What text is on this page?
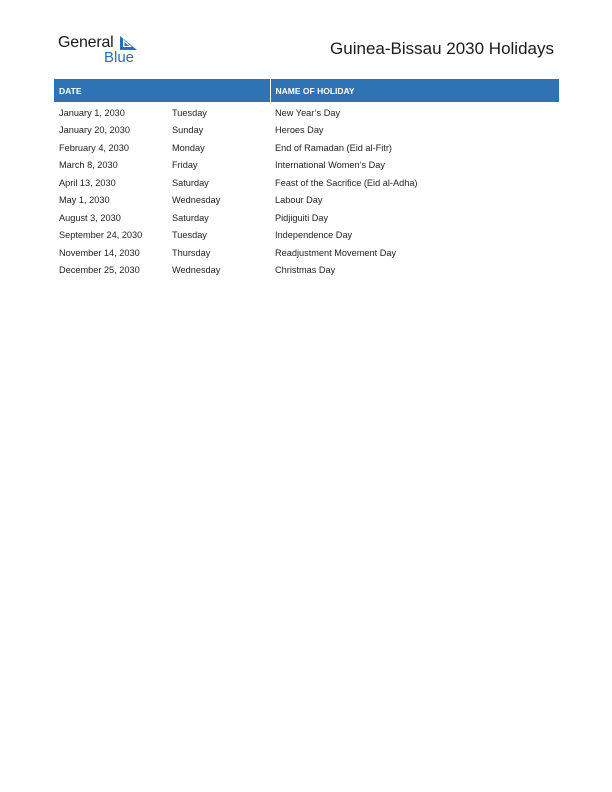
General
Blue	Guinea-Bissau 2030 Holidays
DATE		NAME OF HOLIDAY
January 1, 2030	Tuesday	New Year’s Day
January 20, 2030	Sunday	Heroes Day
February 4, 2030	Monday	End of Ramadan (Eid al-Fitr)
March 8, 2030	Friday	International Women’s Day
April 13, 2030	Saturday	Feast of the Sacrifice (Eid al-Adha)
May 1, 2030	Wednesday	Labour Day
August 3, 2030	Saturday	Pidjiguiti Day
September 24, 2030	Tuesday	Independence Day
November 14, 2030	Thursday	Readjustment Movement Day
December 25, 2030	Wednesday	Christmas Day
